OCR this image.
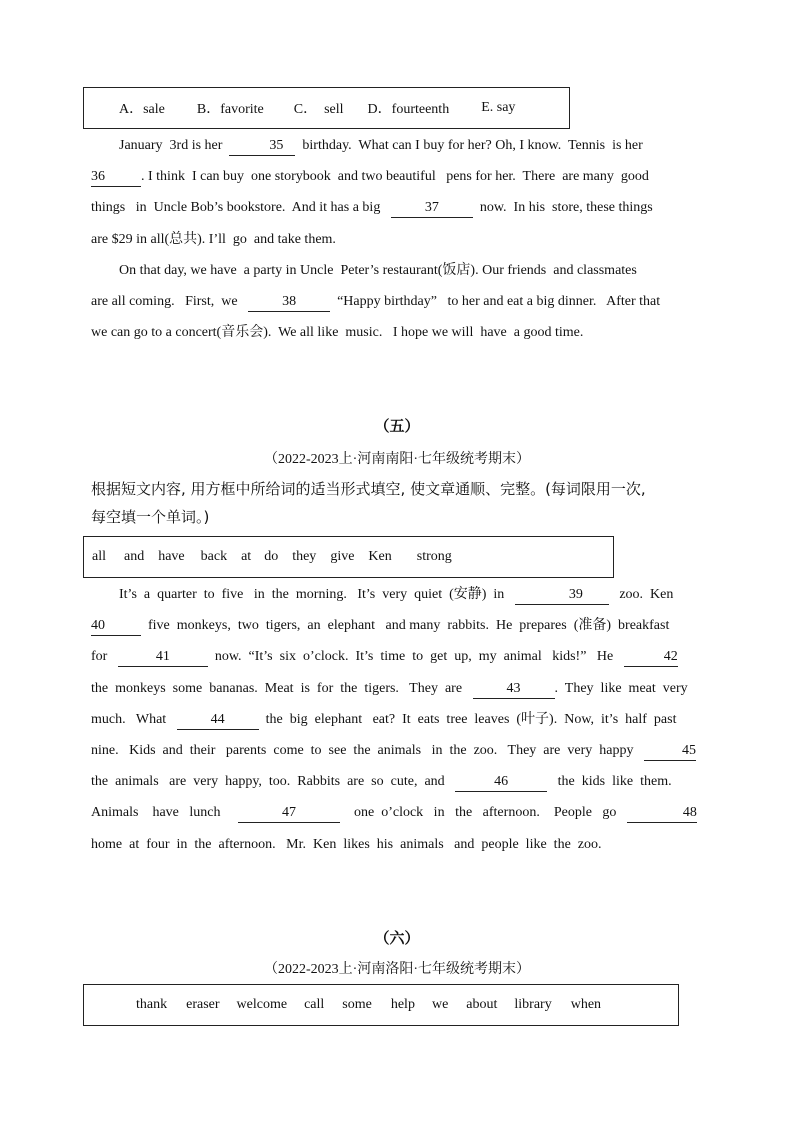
A．sale B．favorite C．  sell D．fourteenth E. say
January  3rd is her	35  birthday.  What can I buy for her? Oh, I know.  Tennis  is her
36	. I think  I can buy  one storybook  and two beautiful   pens for her.  There  are many  good
things   in  Uncle Bob’s bookstore.  And it has a big   37  now.  In his  store, these things
are $29 in all(总共). I’ll  go  and take them.
On that day, we have  a party in Uncle  Peter’s restaurant(饭店). Our friends  and classmates
are all coming.   First,  we   38  “Happy birthday”   to her and eat a big dinner.   After that
we can go to a concert(音乐会).  We all like  music.   I hope we will  have  a good time.
（五）
（2022-2023上·河南南阳·七年级统考期末）
根据短文内容, 用方框中所给词的适当形式填空, 使文章通顺、完整。(每词限用一次,
每空填一个单词。)
all and have back at do they give Ken strong
It’s  a  quarter  to  five   in  the  morning.   It’s  very  quiet  (安静)  in	39   zoo.  Ken
40	five  monkeys,  two  tigers,  an  elephant   and many  rabbits.  He  prepares  (准备)  breakfast
for	41	now.  “It’s  six  o’clock.  It’s  time  to  get  up,  my  animal   kids!”   He	42
the  monkeys  some  bananas.  Meat  is  for  the  tigers.   They  are   43 .  They  like  meat  very
much.   What   44  the  big  elephant   eat?  It  eats  tree  leaves  (叶子).  Now,  it’s  half  past
nine.   Kids  and  their   parents  come  to  see  the  animals   in  the  zoo.   They  are  very  happy	45
the  animals   are  very  happy,  too.  Rabbits  are  so  cute,  and	46	the  kids  like  them.
Animals    have   lunch	47	one  o’clock   in   the   afternoon.    People   go	48
home  at  four  in  the  afternoon.   Mr.  Ken  likes  his  animals   and  people  like  the  zoo.
（六）
（2022-2023上·河南洛阳·七年级统考期末）
thank eraser welcome call some help we about library when
